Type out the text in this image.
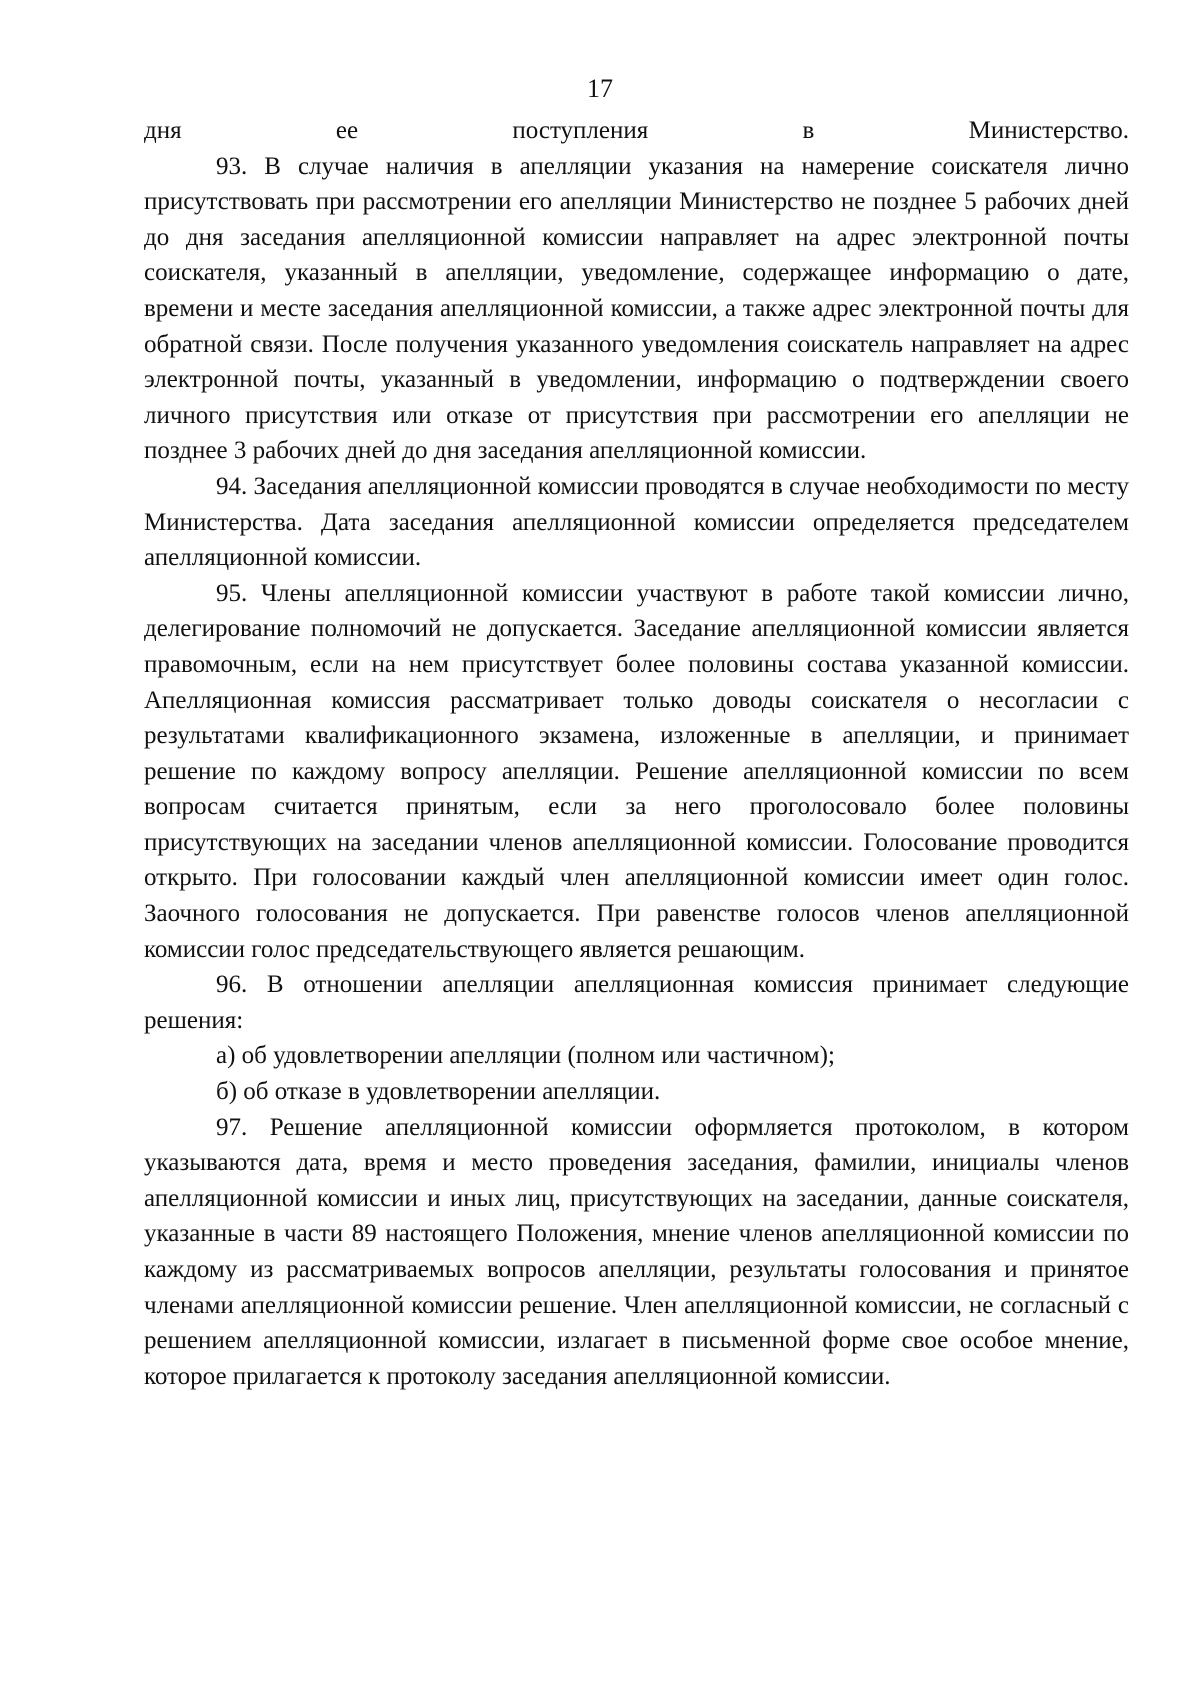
17

дня ее поступления в Министерство.

93. В случае наличия в апелляции указания на намерение соискателя лично присутствовать при рассмотрении его апелляции Министерство не позднее 5 рабочих дней до дня заседания апелляционной комиссии направляет на адрес электронной почты соискателя, указанный в апелляции, уведомление, содержащее информацию о дате, времени и месте заседания апелляционной комиссии, а также адрес электронной почты для обратной связи. После получения указанного уведомления соискатель направляет на адрес электронной почты, указанный в уведомлении, информацию о подтверждении своего личного присутствия или отказе от присутствия при рассмотрении его апелляции не позднее 3 рабочих дней до дня заседания апелляционной комиссии.

94. Заседания апелляционной комиссии проводятся в случае необходимости по месту Министерства. Дата заседания апелляционной комиссии определяется председателем апелляционной комиссии.

95. Члены апелляционной комиссии участвуют в работе такой комиссии лично, делегирование полномочий не допускается. Заседание апелляционной комиссии является правомочным, если на нем присутствует более половины состава указанной комиссии. Апелляционная комиссия рассматривает только доводы соискателя о несогласии с результатами квалификационного экзамена, изложенные в апелляции, и принимает решение по каждому вопросу апелляции. Решение апелляционной комиссии по всем вопросам считается принятым, если за него проголосовало более половины присутствующих на заседании членов апелляционной комиссии. Голосование проводится открыто. При голосовании каждый член апелляционной комиссии имеет один голос. Заочного голосования не допускается. При равенстве голосов членов апелляционной комиссии голос председательствующего является решающим.

96. В отношении апелляции апелляционная комиссия принимает следующие решения:

а) об удовлетворении апелляции (полном или частичном);

б) об отказе в удовлетворении апелляции.

97. Решение апелляционной комиссии оформляется протоколом, в котором указываются дата, время и место проведения заседания, фамилии, инициалы членов апелляционной комиссии и иных лиц, присутствующих на заседании, данные соискателя, указанные в части 89 настоящего Положения, мнение членов апелляционной комиссии по каждому из рассматриваемых вопросов апелляции, результаты голосования и принятое членами апелляционной комиссии решение. Член апелляционной комиссии, не согласный с решением апелляционной комиссии, излагает в письменной форме свое особое мнение, которое прилагается к протоколу заседания апелляционной комиссии.
